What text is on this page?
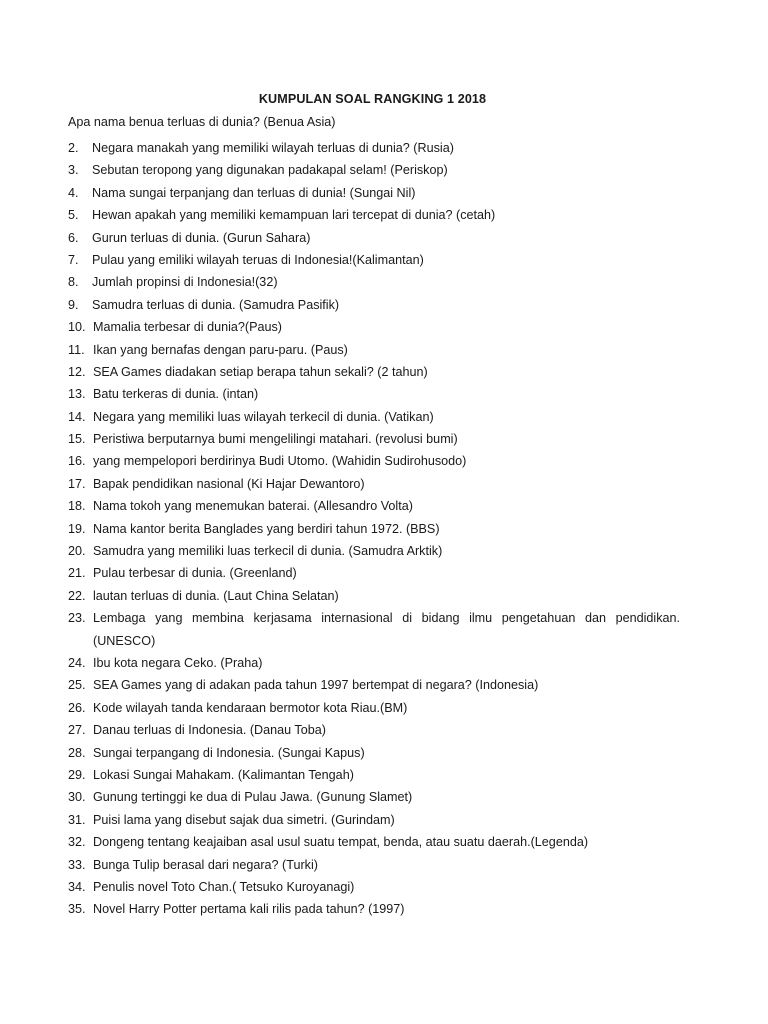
KUMPULAN SOAL RANGKING 1 2018
Apa nama benua terluas di dunia? (Benua Asia)
2.	Negara manakah yang memiliki wilayah terluas di dunia? (Rusia)
3.	Sebutan teropong yang digunakan padakapal selam! (Periskop)
4.	Nama sungai terpanjang dan terluas di dunia! (Sungai Nil)
5.	Hewan apakah yang memiliki kemampuan lari tercepat di dunia? (cetah)
6.	Gurun terluas di dunia. (Gurun Sahara)
7.	Pulau yang emiliki wilayah teruas di Indonesia!(Kalimantan)
8.	Jumlah propinsi di Indonesia!(32)
9.	Samudra terluas di dunia. (Samudra Pasifik)
10. Mamalia terbesar di dunia?(Paus)
11. Ikan yang bernafas dengan paru-paru. (Paus)
12. SEA Games diadakan setiap berapa tahun sekali? (2 tahun)
13. Batu terkeras di dunia. (intan)
14. Negara yang memiliki luas wilayah terkecil di dunia. (Vatikan)
15. Peristiwa berputarnya bumi mengelilingi matahari. (revolusi bumi)
16. yang mempelopori berdirinya Budi Utomo. (Wahidin Sudirohusodo)
17. Bapak pendidikan nasional (Ki Hajar Dewantoro)
18. Nama tokoh yang menemukan baterai. (Allesandro Volta)
19. Nama kantor berita Banglades yang berdiri tahun 1972. (BBS)
20. Samudra yang memiliki luas terkecil di dunia. (Samudra Arktik)
21. Pulau terbesar di dunia. (Greenland)
22. lautan terluas di dunia. (Laut China Selatan)
23. Lembaga yang membina kerjasama internasional di bidang ilmu pengetahuan dan pendidikan. (UNESCO)
24. Ibu kota negara Ceko. (Praha)
25. SEA Games yang di adakan pada tahun 1997 bertempat di negara? (Indonesia)
26. Kode wilayah tanda kendaraan bermotor kota Riau.(BM)
27. Danau terluas di Indonesia. (Danau Toba)
28. Sungai terpangang di Indonesia. (Sungai Kapus)
29. Lokasi Sungai Mahakam. (Kalimantan Tengah)
30. Gunung tertinggi ke dua di Pulau Jawa. (Gunung Slamet)
31. Puisi lama yang disebut sajak dua simetri. (Gurindam)
32. Dongeng tentang keajaiban asal usul suatu tempat, benda, atau suatu daerah.(Legenda)
33. Bunga Tulip berasal dari negara? (Turki)
34. Penulis novel Toto Chan.( Tetsuko Kuroyanagi)
35. Novel Harry Potter pertama kali rilis pada tahun? (1997)
